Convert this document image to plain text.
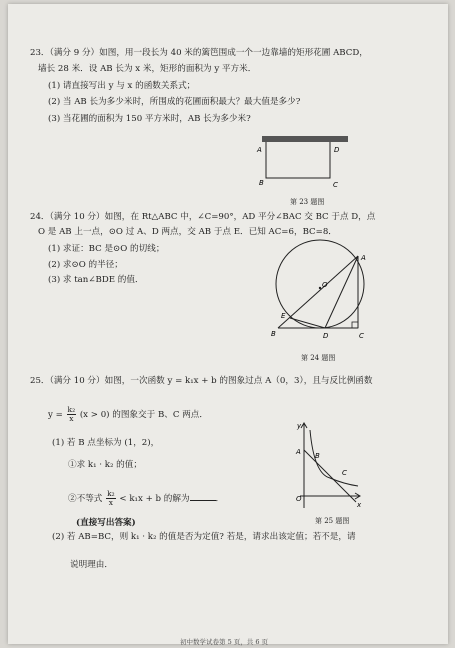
23．（满分 9 分）如图，用一段长为 40 米的篱笆围成一个一边靠墙的矩形花圃 ABCD，
墙长 28 米．设 AB 长为 x 米，矩形的面积为 y 平方米．
(1) 请直接写出 y 与 x 的函数关系式；
(2) 当 AB 长为多少米时，所围成的花圃面积最大？最大值是多少?
(3) 当花圃的面积为 150 平方米时，AB 长为多少米?
A	D
B	C
第 23 题图
24．（满分 10 分）如图，在 Rt△ABC 中，∠C=90°，AD 平分∠BAC 交 BC 于点 D，点
O 是 AB 上一点，⊙O 过 A、D 两点，交 AB 于点 E．已知 AC=6，BC=8．
(1) 求证：BC 是⊙O 的切线；
(2) 求⊙O 的半径；
(3) 求 tan∠BDE 的值．
A
O
E
B	D	C
第 24 题图
25．（满分 10 分）如图，一次函数 y = k₁x + b 的图象过点 A（0，3），且与反比例函数
$y = \frac{\text{k₂}}{x} (x > 0)$ 的图象交于 B、C 两点．
(1) 若 B 点坐标为 (1，2)，
①求 k₁ · k₂ 的值；
②不等式 $\frac{\text{k₂}}{x} < k_1x + b$ 的解为	．
(直接写出答案)
(2) 若 AB=BC，则 k₁ · k₂ 的值是否为定值? 若是，请求出该定值；若不是，请
说明理由．
y
A B
C
O
x
第 25 题图
初中数学试卷第 5 页，共 6 页
